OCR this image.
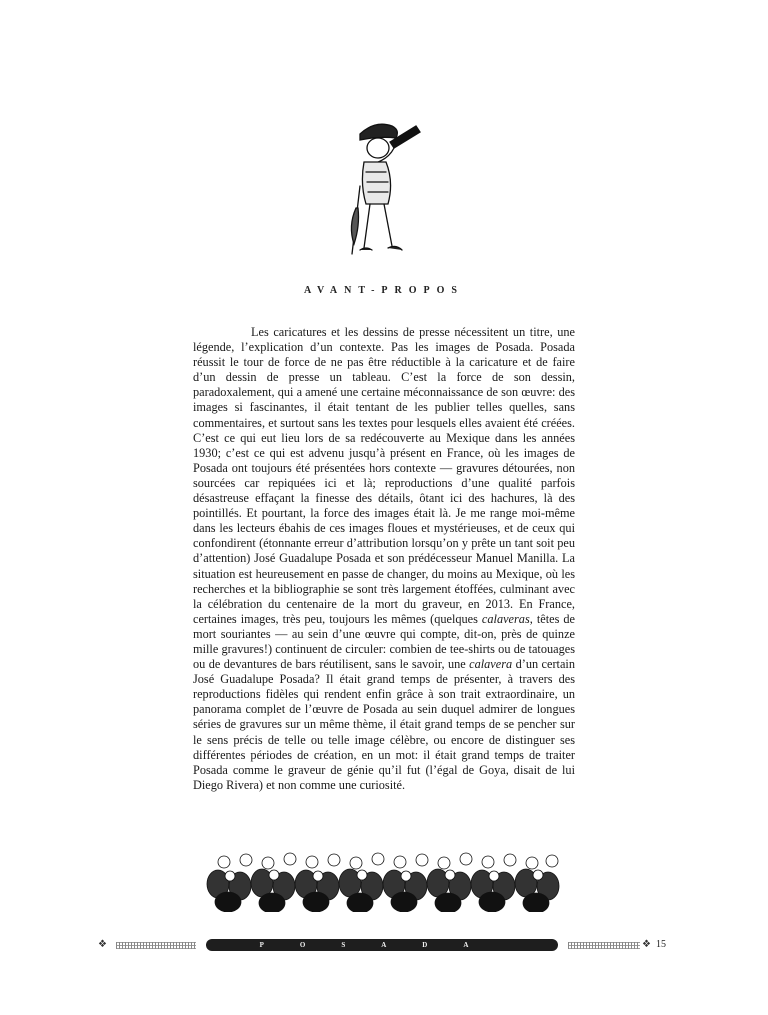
AVANT-PROPOS

Les caricatures et les dessins de presse nécessitent un titre, une légende, l’explication d’un contexte. Pas les images de Posada. Posada réussit le tour de force de ne pas être réductible à la caricature et de faire d’un dessin de presse un tableau. C’est la force de son dessin, paradoxalement, qui a amené une certaine méconnaissance de son œuvre: des images si fascinantes, il était tentant de les publier telles quelles, sans commentaires, et surtout sans les textes pour lesquels elles avaient été créées. C’est ce qui eut lieu lors de sa redécouverte au Mexique dans les années 1930; c’est ce qui est advenu jusqu’à présent en France, où les images de Posada ont toujours été présentées hors contexte — gravures détourées, non sourcées car repiquées ici et là; reproductions d’une qualité parfois désastreuse effaçant la finesse des détails, ôtant ici des hachures, là des pointillés. Et pourtant, la force des images était là. Je me range moi-même dans les lecteurs ébahis de ces images floues et mystérieuses, et de ceux qui confondirent (étonnante erreur d’attribution lorsqu’on y prête un tant soit peu d’attention) José Guadalupe Posada et son prédécesseur Manuel Manilla. La situation est heureusement en passe de changer, du moins au Mexique, où les recherches et la bibliographie se sont très largement étoffées, culminant avec la célébration du centenaire de la mort du graveur, en 2013. En France, certaines images, très peu, toujours les mêmes (quelques calaveras, têtes de mort souriantes — au sein d’une œuvre qui compte, dit-on, près de quinze mille gravures!) continuent de circuler: combien de tee-shirts ou de tatouages ou de devantures de bars réutilisent, sans le savoir, une calavera d’un certain José Guadalupe Posada? Il était grand temps de présenter, à travers des reproductions fidèles qui rendent enfin grâce à son trait extraordinaire, un panorama complet de l’œuvre de Posada au sein duquel admirer de longues séries de gravures sur un même thème, il était grand temps de se pencher sur le sens précis de telle ou telle image célèbre, ou encore de distinguer ses différentes périodes de création, en un mot: il était grand temps de traiter Posada comme le graveur de génie qu’il fut (l’égal de Goya, disait de lui Diego Rivera) et non comme une curiosité.

❖	POSADA	❖ 15
